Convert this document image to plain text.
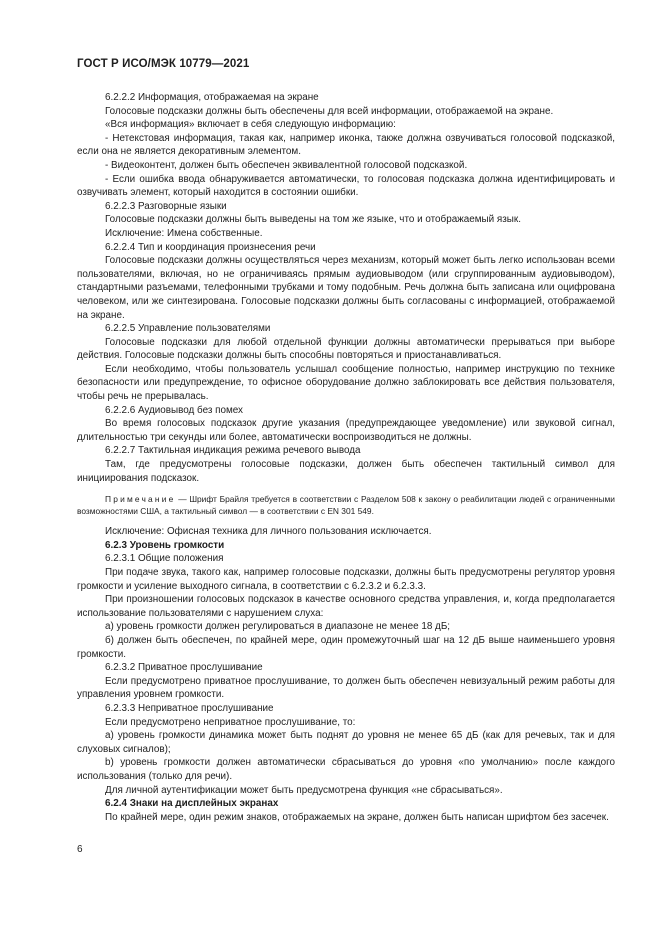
ГОСТ Р ИСО/МЭК 10779—2021

6.2.2.2 Информация, отображаемая на экране

Голосовые подсказки должны быть обеспечены для всей информации, отображаемой на экране.

«Вся информация» включает в себя следующую информацию:

- Нетекстовая информация, такая как, например иконка, также должна озвучиваться голосовой подсказкой, если она не является декоративным элементом.

- Видеоконтент, должен быть обеспечен эквивалентной голосовой подсказкой.

- Если ошибка ввода обнаруживается автоматически, то голосовая подсказка должна идентифицировать и озвучивать элемент, который находится в состоянии ошибки.

6.2.2.3 Разговорные языки

Голосовые подсказки должны быть выведены на том же языке, что и отображаемый язык.

Исключение: Имена собственные.

6.2.2.4 Тип и координация произнесения речи

Голосовые подсказки должны осуществляться через механизм, который может быть легко использован всеми пользователями, включая, но не ограничиваясь прямым аудиовыводом (или сгруппированным аудиовыводом), стандартными разъемами, телефонными трубками и тому подобным. Речь должна быть записана или оцифрована человеком, или же синтезирована. Голосовые подсказки должны быть согласованы с информацией, отображаемой на экране.

6.2.2.5 Управление пользователями

Голосовые подсказки для любой отдельной функции должны автоматически прерываться при выборе действия. Голосовые подсказки должны быть способны повторяться и приостанавливаться.

Если необходимо, чтобы пользователь услышал сообщение полностью, например инструкцию по технике безопасности или предупреждение, то офисное оборудование должно заблокировать все действия пользователя, чтобы речь не прерывалась.

6.2.2.6 Аудиовывод без помех

Во время голосовых подсказок другие указания (предупреждающее уведомление) или звуковой сигнал, длительностью три секунды или более, автоматически воспроизводиться не должны.

6.2.2.7 Тактильная индикация режима речевого вывода

Там, где предусмотрены голосовые подсказки, должен быть обеспечен тактильный символ для инициирования подсказок.

Примечание — Шрифт Брайля требуется в соответствии с Разделом 508 к закону о реабилитации людей с ограниченными возможностями США, а тактильный символ — в соответствии с EN 301 549.

Исключение: Офисная техника для личного пользования исключается.

6.2.3 Уровень громкости

6.2.3.1 Общие положения

При подаче звука, такого как, например голосовые подсказки, должны быть предусмотрены регулятор уровня громкости и усиление выходного сигнала, в соответствии с 6.2.3.2 и 6.2.3.3.

При произношении голосовых подсказок в качестве основного средства управления, и, когда предполагается использование пользователями с нарушением слуха:

а) уровень громкости должен регулироваться в диапазоне не менее 18 дБ;

б) должен быть обеспечен, по крайней мере, один промежуточный шаг на 12 дБ выше наименьшего уровня громкости.

6.2.3.2 Приватное прослушивание

Если предусмотрено приватное прослушивание, то должен быть обеспечен невизуальный режим работы для управления уровнем громкости.

6.2.3.3 Неприватное прослушивание

Если предусмотрено неприватное прослушивание, то:

а) уровень громкости динамика может быть поднят до уровня не менее 65 дБ (как для речевых, так и для слуховых сигналов);

b) уровень громкости должен автоматически сбрасываться до уровня «по умолчанию» после каждого использования (только для речи).

Для личной аутентификации может быть предусмотрена функция «не сбрасываться».

6.2.4 Знаки на дисплейных экранах

По крайней мере, один режим знаков, отображаемых на экране, должен быть написан шрифтом без засечек.

6
